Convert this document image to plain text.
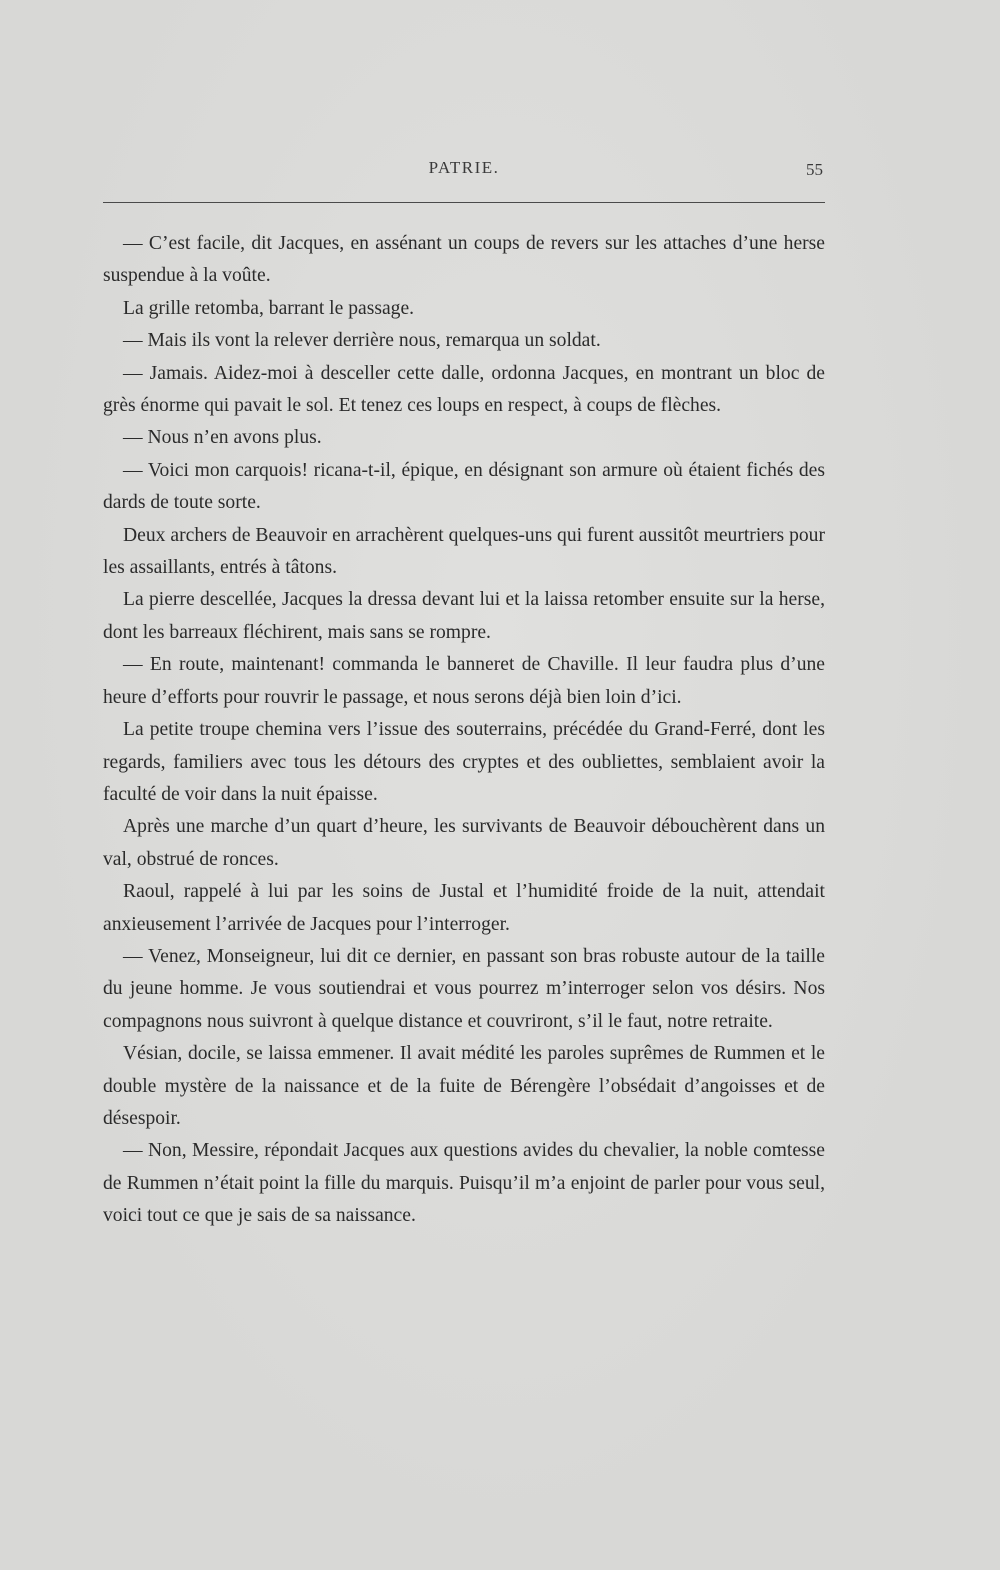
PATRIE.	55

— C’est facile, dit Jacques, en assénant un coups de revers sur les attaches d’une herse suspendue à la voûte.

La grille retomba, barrant le passage.

— Mais ils vont la relever derrière nous, remarqua un soldat.

— Jamais. Aidez-moi à desceller cette dalle, ordonna Jacques, en montrant un bloc de grès énorme qui pavait le sol. Et tenez ces loups en respect, à coups de flèches.

— Nous n’en avons plus.

— Voici mon carquois! ricana-t-il, épique, en désignant son armure où étaient fichés des dards de toute sorte.

Deux archers de Beauvoir en arrachèrent quelques-uns qui furent aussitôt meurtriers pour les assaillants, entrés à tâtons.

La pierre descellée, Jacques la dressa devant lui et la laissa retomber ensuite sur la herse, dont les barreaux fléchirent, mais sans se rompre.

— En route, maintenant! commanda le banneret de Chaville. Il leur faudra plus d’une heure d’efforts pour rouvrir le passage, et nous serons déjà bien loin d’ici.

La petite troupe chemina vers l’issue des souterrains, précédée du Grand-Ferré, dont les regards, familiers avec tous les détours des cryptes et des oubliettes, semblaient avoir la faculté de voir dans la nuit épaisse.

Après une marche d’un quart d’heure, les survivants de Beauvoir débouchèrent dans un val, obstrué de ronces.

Raoul, rappelé à lui par les soins de Justal et l’humidité froide de la nuit, attendait anxieusement l’arrivée de Jacques pour l’interroger.

— Venez, Monseigneur, lui dit ce dernier, en passant son bras robuste autour de la taille du jeune homme. Je vous soutiendrai et vous pourrez m’interroger selon vos désirs. Nos compagnons nous suivront à quelque distance et couvriront, s’il le faut, notre retraite.

Vésian, docile, se laissa emmener. Il avait médité les paroles suprêmes de Rummen et le double mystère de la naissance et de la fuite de Bérengère l’obsédait d’angoisses et de désespoir.

— Non, Messire, répondait Jacques aux questions avides du chevalier, la noble comtesse de Rummen n’était point la fille du marquis. Puisqu’il m’a enjoint de parler pour vous seul, voici tout ce que je sais de sa naissance.
